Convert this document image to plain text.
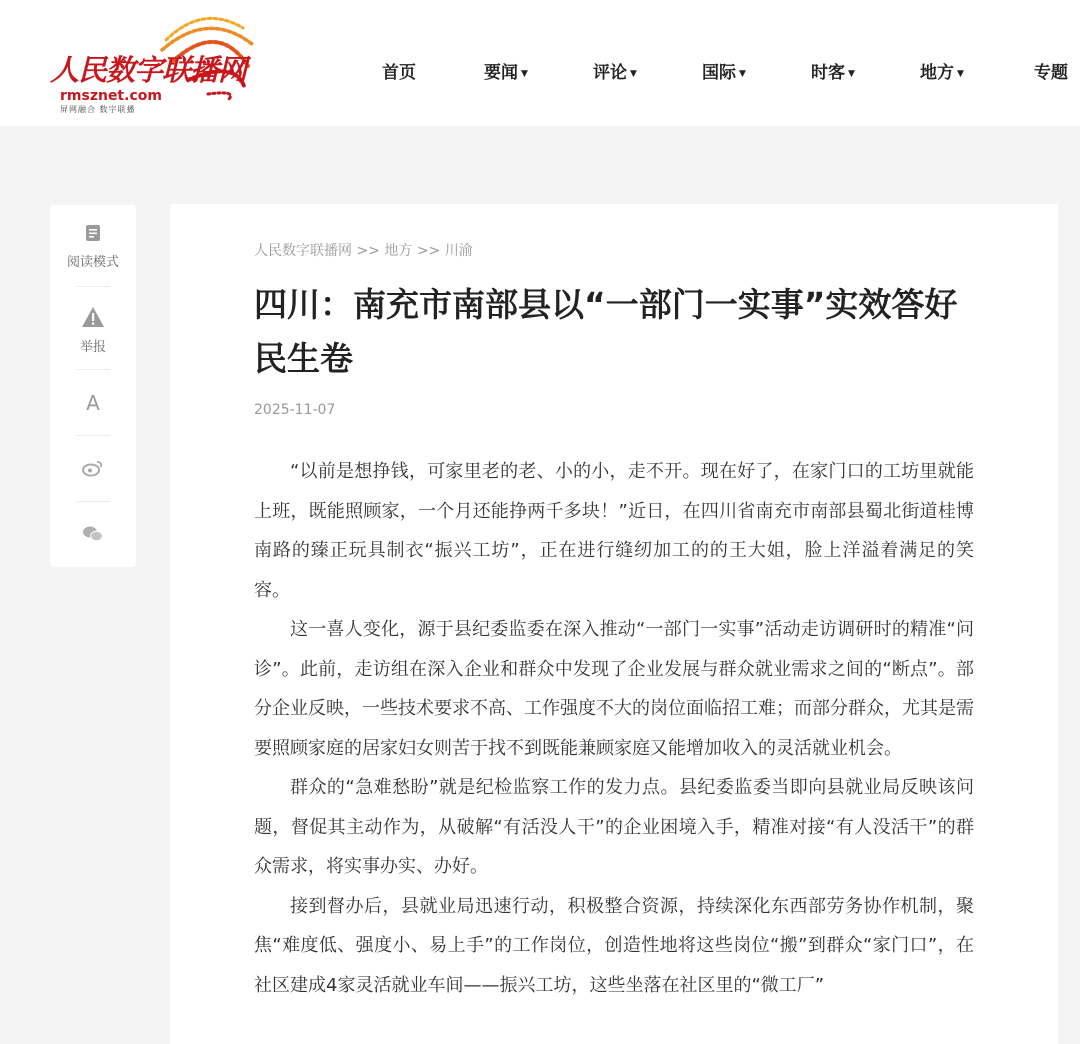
人民数字联播网
rmsznet.com
屏网融合 数字联播
首页	要闻 ▼	评论 ▼	国际 ▼	时客 ▼	地方 ▼	专题
阅读模式
举报
A
人民数字联播网 >> 地方 >> 川渝
四川：南充市南部县以“一部门一实事”实效答好民生卷
2025-11-07

“以前是想挣钱，可家里老的老、小的小，走不开。现在好了，在家门口的工坊里就能上班，既能照顾家，一个月还能挣两千多块！”近日，在四川省南充市南部县蜀北街道桂博南路的臻正玩具制衣“振兴工坊”，正在进行缝纫加工的的王大姐，脸上洋溢着满足的笑容。

这一喜人变化，源于县纪委监委在深入推动“一部门一实事”活动走访调研时的精准“问诊”。此前，走访组在深入企业和群众中发现了企业发展与群众就业需求之间的“断点”。部分企业反映，一些技术要求不高、工作强度不大的岗位面临招工难；而部分群众，尤其是需要照顾家庭的居家妇女则苦于找不到既能兼顾家庭又能增加收入的灵活就业机会。

群众的“急难愁盼”就是纪检监察工作的发力点。县纪委监委当即向县就业局反映该问题，督促其主动作为，从破解“有活没人干”的企业困境入手，精准对接“有人没活干”的群众需求，将实事办实、办好。

接到督办后，县就业局迅速行动，积极整合资源，持续深化东西部劳务协作机制，聚焦“难度低、强度小、易上手”的工作岗位，创造性地将这些岗位“搬”到群众“家门口”，在社区建成4家灵活就业车间——振兴工坊，这些坐落在社区里的“微工厂”
